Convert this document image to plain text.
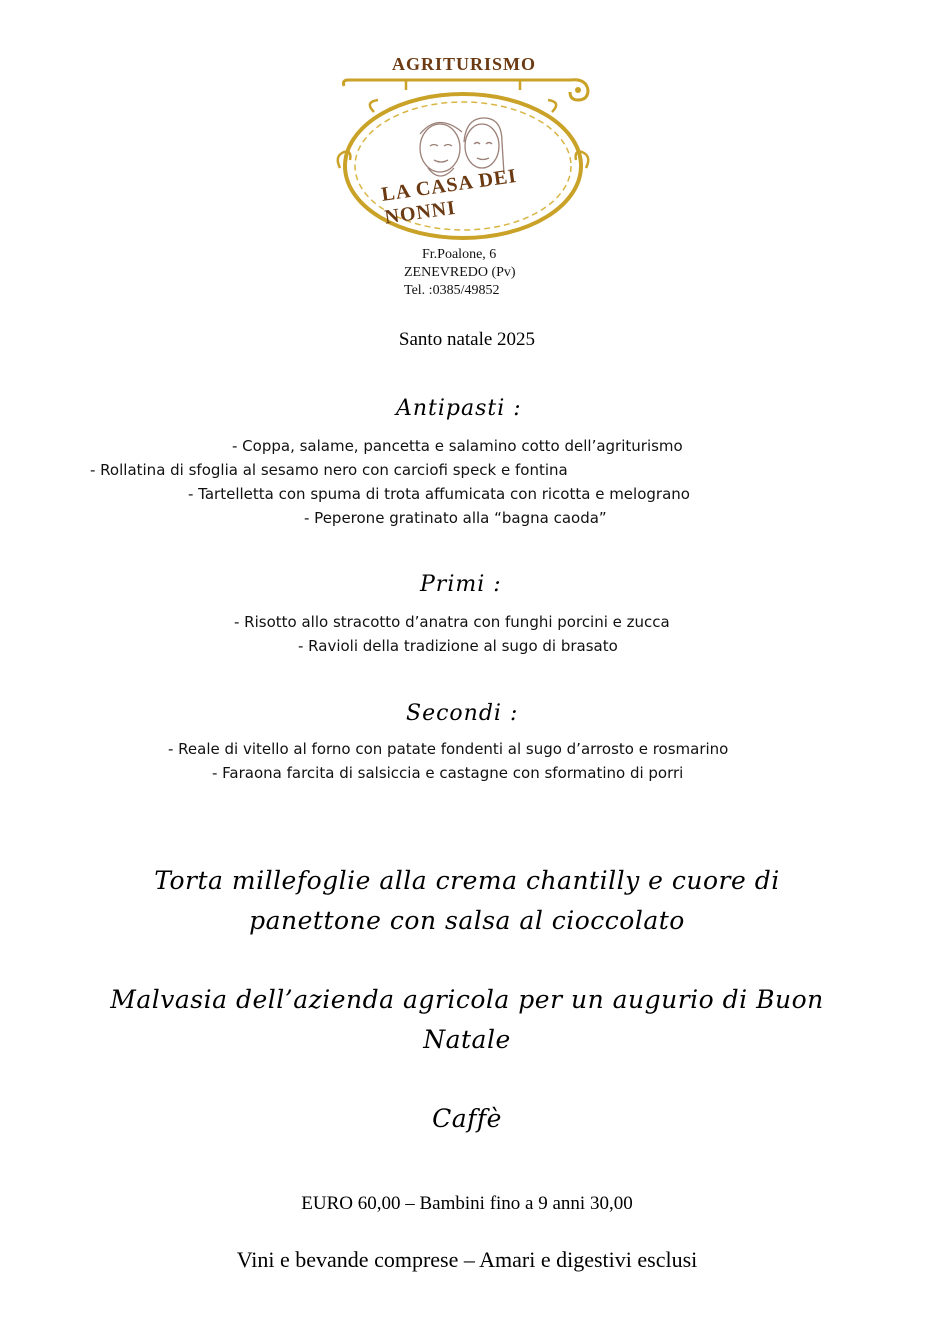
AGRITURISMO
LA CASA DEI NONNI
Fr.Poalone, 6
ZENEVREDO (Pv)
Tel. :0385/49852
Santo natale 2025
Antipasti :
- Coppa, salame, pancetta e salamino cotto dell’agriturismo
- Rollatina di sfoglia al sesamo nero con carciofi speck e fontina
- Tartelletta con spuma di trota affumicata con ricotta e melograno
- Peperone gratinato alla “bagna caoda”
Primi :
- Risotto allo stracotto d’anatra con funghi porcini e zucca
- Ravioli della tradizione al sugo di brasato
Secondi :
- Reale di vitello al forno con patate fondenti al sugo d’arrosto e rosmarino
- Faraona farcita di salsiccia e castagne con sformatino di porri
Torta millefoglie alla crema chantilly e cuore di
panettone con salsa al cioccolato
Malvasia dell’azienda agricola per un augurio di Buon
Natale
Caffè
EURO 60,00 – Bambini fino a 9 anni 30,00
Vini e bevande comprese – Amari e digestivi esclusi
